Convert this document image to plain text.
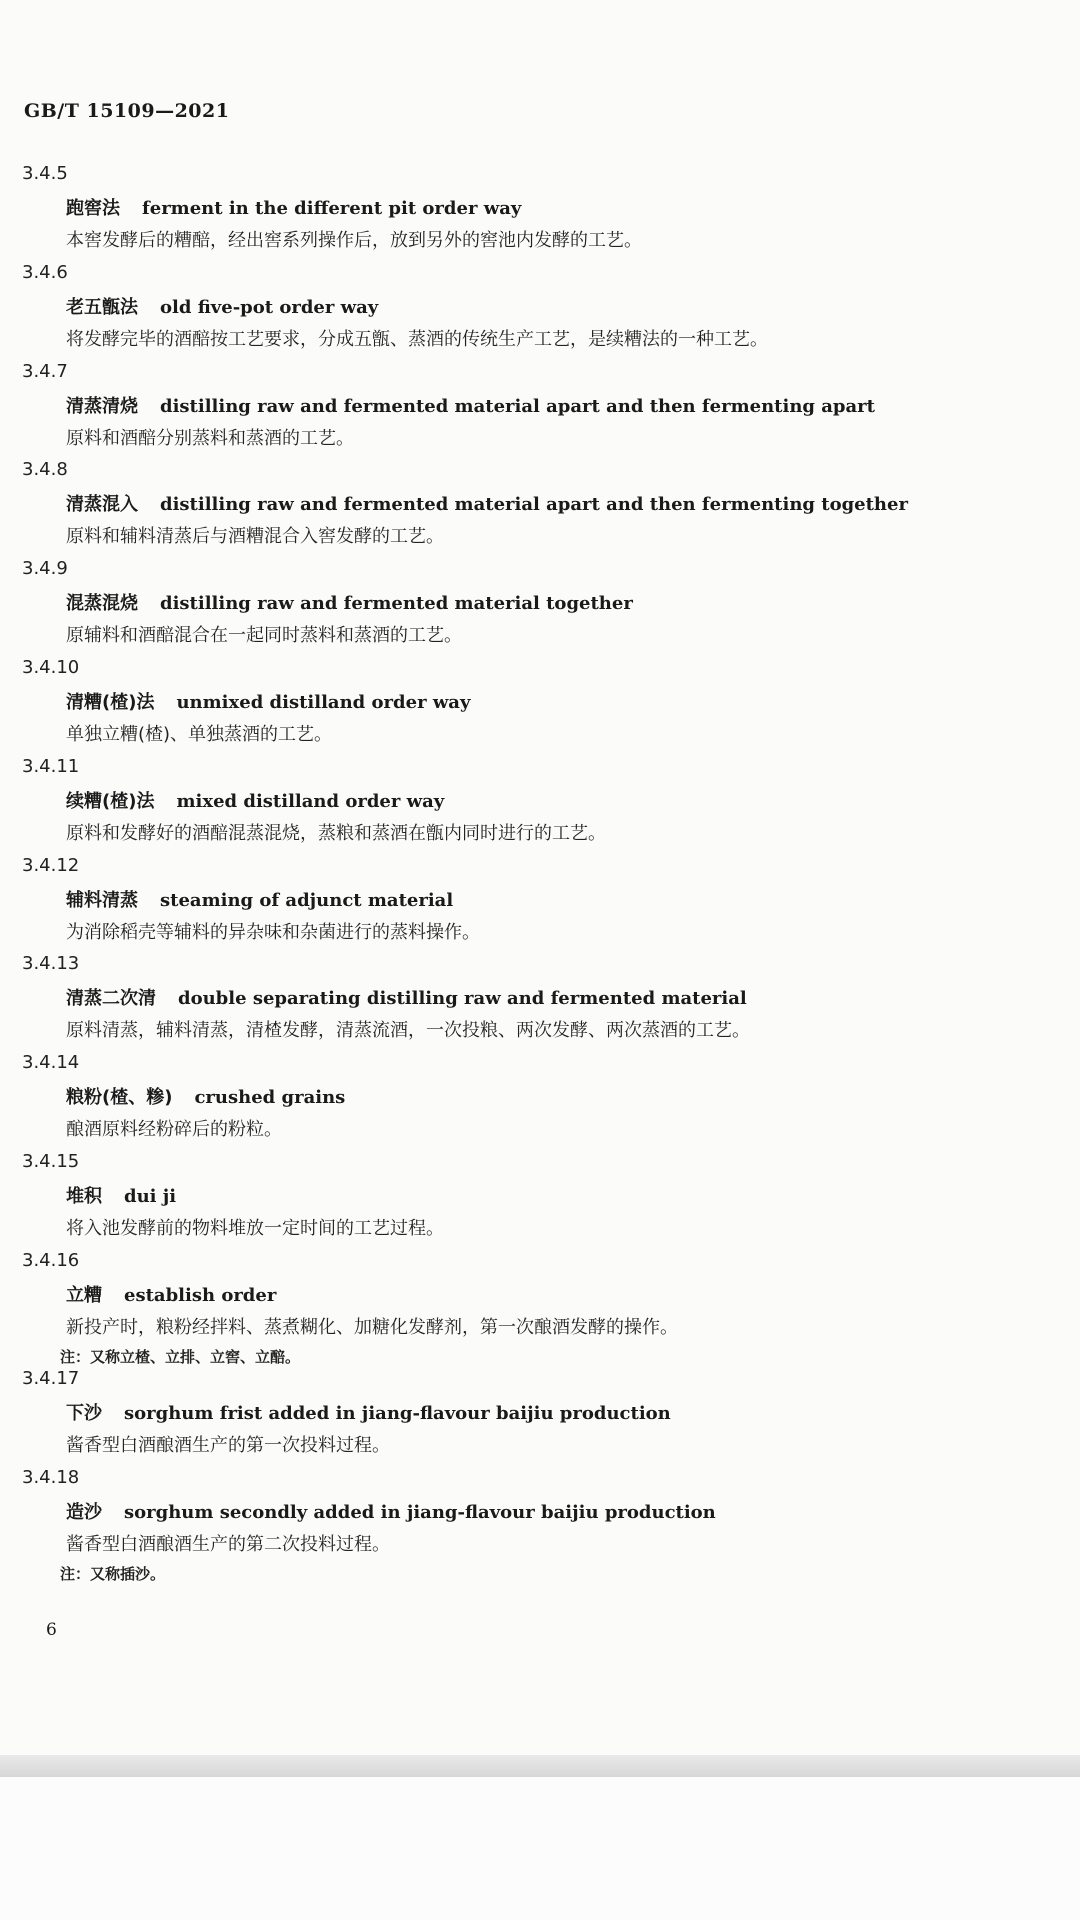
GB/T 15109—2021
3.4.5
跑窖法 ferment in the different pit order way
本窖发酵后的糟醅，经出窖系列操作后，放到另外的窖池内发酵的工艺。
3.4.6
老五甑法 old five-pot order way
将发酵完毕的酒醅按工艺要求，分成五甑、蒸酒的传统生产工艺，是续糟法的一种工艺。
3.4.7
清蒸清烧 distilling raw and fermented material apart and then fermenting apart
原料和酒醅分别蒸料和蒸酒的工艺。
3.4.8
清蒸混入 distilling raw and fermented material apart and then fermenting together
原料和辅料清蒸后与酒糟混合入窖发酵的工艺。
3.4.9
混蒸混烧 distilling raw and fermented material together
原辅料和酒醅混合在一起同时蒸料和蒸酒的工艺。
3.4.10
清糟(楂)法 unmixed distilland order way
单独立糟(楂)、单独蒸酒的工艺。
3.4.11
续糟(楂)法 mixed distilland order way
原料和发酵好的酒醅混蒸混烧，蒸粮和蒸酒在甑内同时进行的工艺。
3.4.12
辅料清蒸 steaming of adjunct material
为消除稻壳等辅料的异杂味和杂菌进行的蒸料操作。
3.4.13
清蒸二次清 double separating distilling raw and fermented material
原料清蒸，辅料清蒸，清楂发酵，清蒸流酒，一次投粮、两次发酵、两次蒸酒的工艺。
3.4.14
粮粉(楂、糁) crushed grains
酿酒原料经粉碎后的粉粒。
3.4.15
堆积 dui ji
将入池发酵前的物料堆放一定时间的工艺过程。
3.4.16
立糟 establish order
新投产时，粮粉经拌料、蒸煮糊化、加糖化发酵剂，第一次酿酒发酵的操作。
注：又称立楂、立排、立窖、立醅。
3.4.17
下沙 sorghum frist added in jiang-flavour baijiu production
酱香型白酒酿酒生产的第一次投料过程。
3.4.18
造沙 sorghum secondly added in jiang-flavour baijiu production
酱香型白酒酿酒生产的第二次投料过程。
注：又称插沙。
6
